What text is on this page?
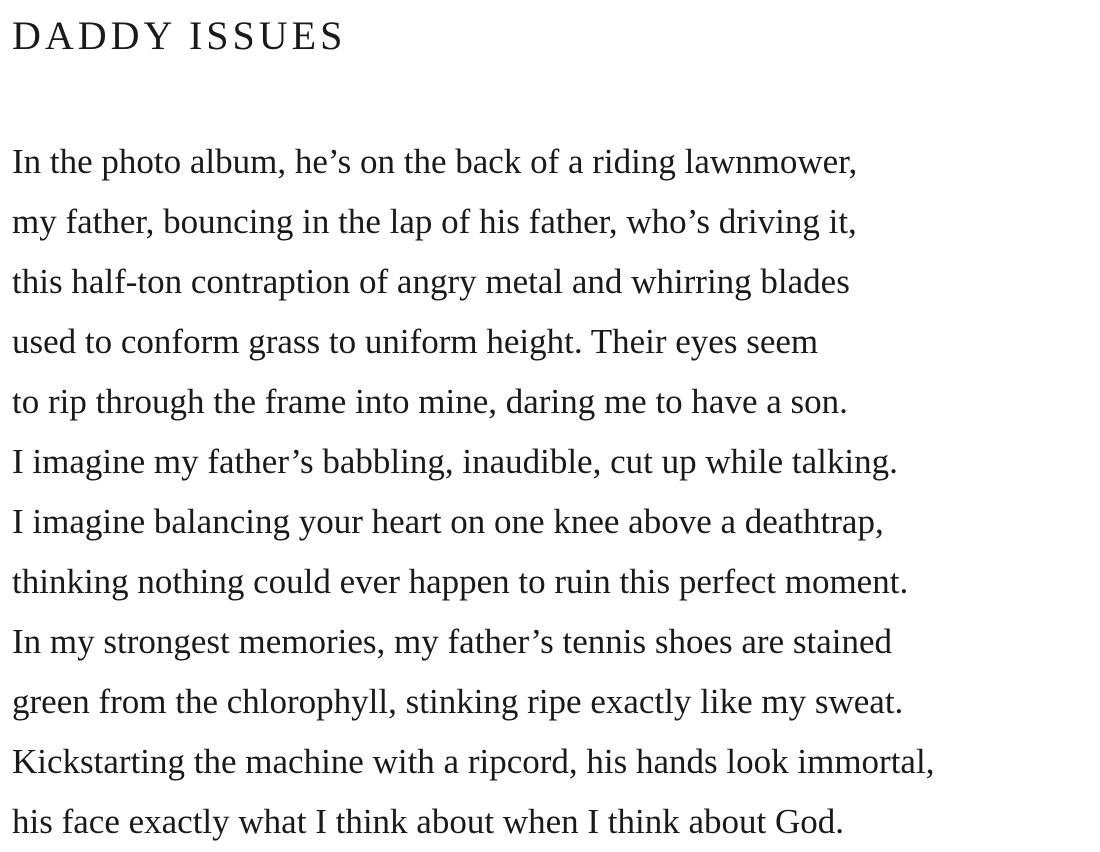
DADDY ISSUES
In the photo album, he’s on the back of a riding lawnmower,
my father, bouncing in the lap of his father, who’s driving it,
this half-ton contraption of angry metal and whirring blades
used to conform grass to uniform height. Their eyes seem
to rip through the frame into mine, daring me to have a son.
I imagine my father’s babbling, inaudible, cut up while talking.
I imagine balancing your heart on one knee above a deathtrap,
thinking nothing could ever happen to ruin this perfect moment.
In my strongest memories, my father’s tennis shoes are stained
green from the chlorophyll, stinking ripe exactly like my sweat.
Kickstarting the machine with a ripcord, his hands look immortal,
his face exactly what I think about when I think about God.
